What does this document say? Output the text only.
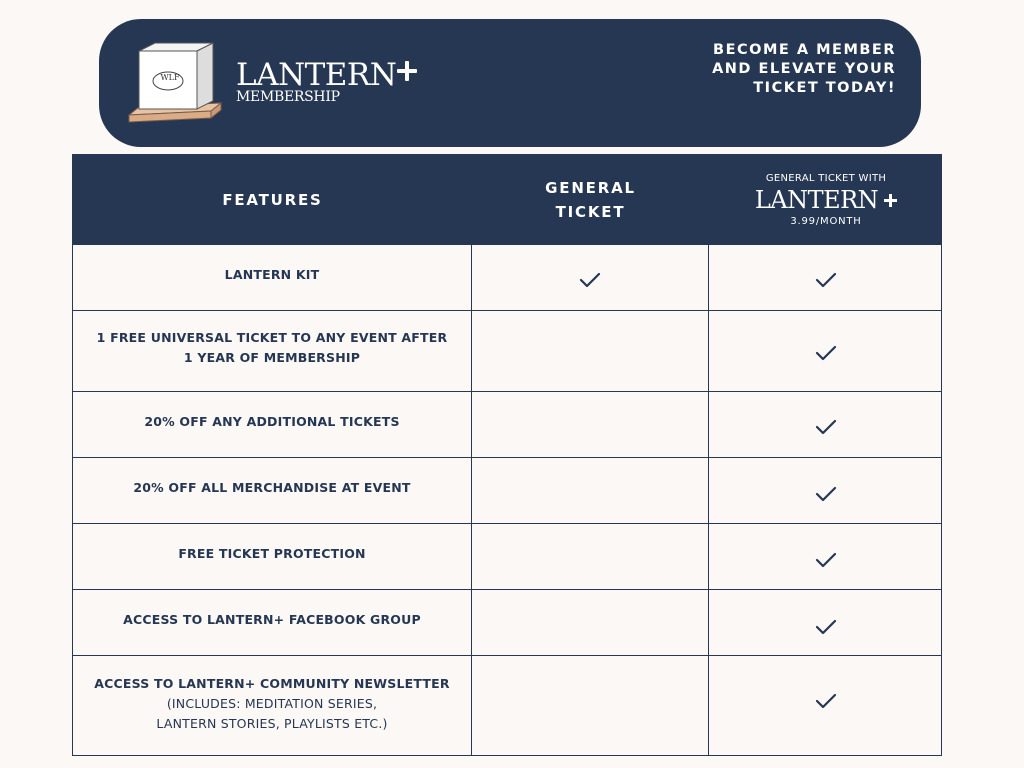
WLF LANTERN
MEMBERSHIP
BECOME A MEMBER
AND ELEVATE YOUR
TICKET TODAY!
FEATURES
GENERAL
TICKET
GENERAL TICKET WITH
LANTERN
3.99/MONTH
LANTERN KIT
1 FREE UNIVERSAL TICKET TO ANY EVENT AFTER 1 YEAR OF MEMBERSHIP
20% OFF ANY ADDITIONAL TICKETS
20% OFF ALL MERCHANDISE AT EVENT
FREE TICKET PROTECTION
ACCESS TO LANTERN+ FACEBOOK GROUP
ACCESS TO LANTERN+ COMMUNITY NEWSLETTER
(INCLUDES: MEDITATION SERIES,
LANTERN STORIES, PLAYLISTS ETC.)
